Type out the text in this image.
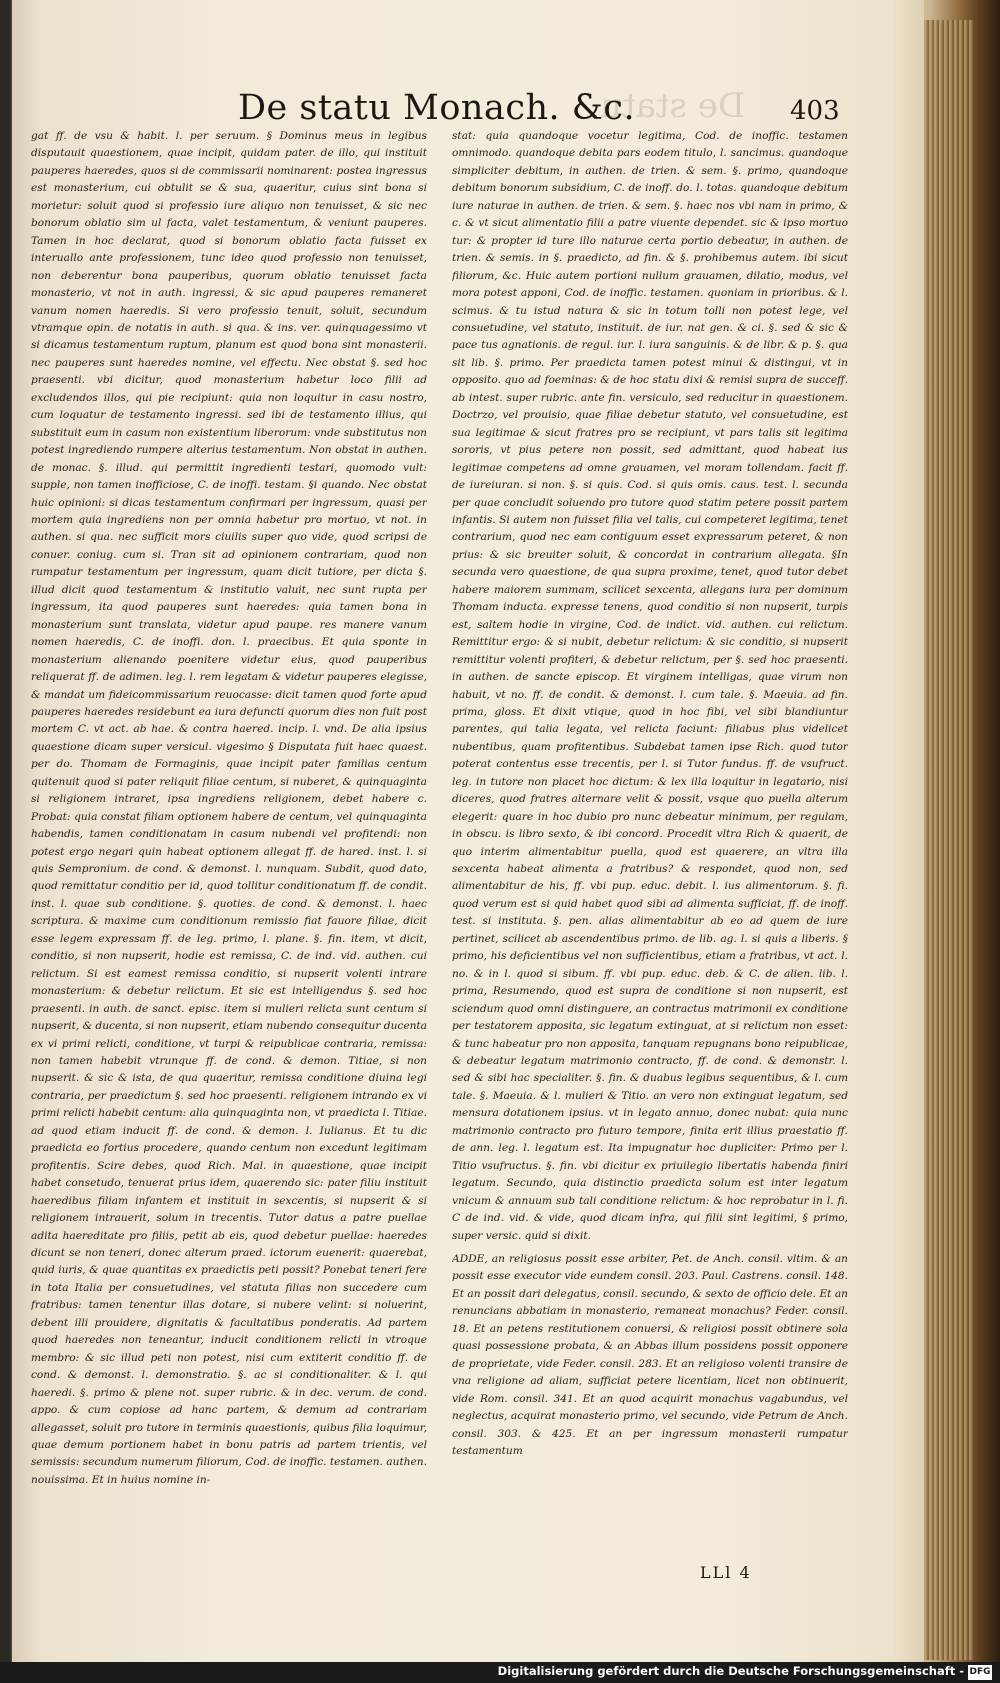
De statu
De statu Monach. &c.	403

gat ff. de vsu & habit. l. per seruum. § Dominus meus in legibus disputauit quaestionem, quae incipit, quidam pater. de illo, qui instituit pauperes haeredes, quos si de commissarii nominarent: postea ingressus est monasterium, cui obtulit se & sua, quaeritur, cuius sint bona si morietur: soluit quod si professio iure aliquo non tenuisset, & sic nec bonorum oblatio sim ul facta, valet testamentum, & veniunt pauperes. Tamen in hoc declarat, quod si bonorum oblatio facta fuisset ex interuallo ante professionem, tunc ideo quod professio non tenuisset, non deberentur bona pauperibus, quorum oblatio tenuisset facta monasterio, vt not in auth. ingressi, & sic apud pauperes remaneret vanum nomen haeredis. Si vero professio tenuit, soluit, secundum vtramque opin. de notatis in auth. si qua. & ins. ver. quinquagessimo vt si dicamus testamentum ruptum, planum est quod bona sint monasterii. nec pauperes sunt haeredes nomine, vel effectu. Nec obstat §. sed hoc praesenti. vbi dicitur, quod monasterium habetur loco filii ad excludendos illos, qui pie recipiunt: quia non loquitur in casu nostro, cum loquatur de testamento ingressi. sed ibi de testamento illius, qui substituit eum in casum non existentium liberorum: vnde substitutus non potest ingrediendo rumpere alterius testamentum. Non obstat in authen. de monac. §. illud. qui permittit ingredienti testari, quomodo vult: supple, non tamen inofficiose, C. de inoffi. testam. §i quando. Nec obstat huic opinioni: si dicas testamentum confirmari per ingressum, quasi per mortem quia ingrediens non per omnia habetur pro mortuo, vt not. in authen. si qua. nec sufficit mors ciuilis super quo vide, quod scripsi de conuer. coniug. cum si. Tran sit ad opinionem contrariam, quod non rumpatur testamentum per ingressum, quam dicit tutiore, per dicta §. illud dicit quod testamentum & institutio valuit, nec sunt rupta per ingressum, ita quod pauperes sunt haeredes: quia tamen bona in monasterium sunt translata, videtur apud paupe. res manere vanum nomen haeredis, C. de inoffi. don. l. praecibus. Et quia sponte in monasterium alienando poenitere videtur eius, quod pauperibus reliquerat ff. de adimen. leg. l. rem legatam & videtur pauperes elegisse, & mandat um fideicommissarium reuocasse: dicit tamen quod forte apud pauperes haeredes residebunt ea iura defuncti quorum dies non fuit post mortem C. vt act. ab hae. & contra haered. incip. l. vnd. De alia ipsius quaestione dicam super versicul. vigesimo § Disputata fuit haec quaest. per do. Thomam de Formaginis, quae incipit pater familias centum quitenuit quod si pater reliquit filiae centum, si nuberet, & quinquaginta si religionem intraret, ipsa ingrediens religionem, debet habere c. Probat: quia constat filiam optionem habere de centum, vel quinquaginta habendis, tamen conditionatam in casum nubendi vel profitendi: non potest ergo negari quin habeat optionem allegat ff. de hared. inst. l. si quis Sempronium. de cond. & demonst. l. nunquam. Subdit, quod dato, quod remittatur conditio per id, quod tollitur conditionatum ff. de condit. inst. l. quae sub conditione. §. quoties. de cond. & demonst. l. haec scriptura. & maxime cum conditionum remissio fiat fauore filiae, dicit esse legem expressam ff. de leg. primo, l. plane. §. fin. item, vt dicit, conditio, si non nupserit, hodie est remissa, C. de ind. vid. authen. cui relictum. Si est eamest remissa conditio, si nupserit volenti intrare monasterium: & debetur relictum. Et sic est intelligendus §. sed hoc praesenti. in auth. de sanct. episc. item si mulieri relicta sunt centum si nupserit, & ducenta, si non nupserit, etiam nubendo consequitur ducenta ex vi primi relicti, conditione, vt turpi & reipublicae contraria, remissa: non tamen habebit vtrunque ff. de cond. & demon. Titiae, si non nupserit. & sic & ista, de qua quaeritur, remissa conditione diuina legi contraria, per praedictum §. sed hoc praesenti. religionem intrando ex vi primi relicti habebit centum: alia quinquaginta non, vt praedicta l. Titiae. ad quod etiam inducit ff. de cond. & demon. l. Iulianus. Et tu dic praedicta eo fortius procedere, quando centum non excedunt legitimam profitentis. Scire debes, quod Rich. Mal. in quaestione, quae incipit habet consetudo, tenuerat prius idem, quaerendo sic: pater filiu instituit haeredibus filiam infantem et instituit in sexcentis, si nupserit & si religionem intrauerit, solum in trecentis. Tutor datus a patre puellae adita haereditate pro filiis, petit ab eis, quod debetur puellae: haeredes dicunt se non teneri, donec alterum praed. ictorum euenerit: quaerebat, quid iuris, & quae quantitas ex praedictis peti possit? Ponebat teneri fere in tota Italia per consuetudines, vel statuta filias non succedere cum fratribus: tamen tenentur illas dotare, si nubere velint: si noluerint, debent illi prouidere, dignitatis & facultatibus ponderatis. Ad partem quod haeredes non teneantur, inducit conditionem relicti in vtroque membro: & sic illud peti non potest, nisi cum extiterit conditio ff. de cond. & demonst. l. demonstratio. §. ac si conditionaliter. & l. qui haeredi. §. primo & plene not. super rubric. & in dec. verum. de cond. appo. & cum copiose ad hanc partem, & demum ad contrariam allegasset, soluit pro tutore in terminis quaestionis, quibus filia loquimur, quae demum portionem habet in bonu patris ad partem trientis, vel semissis: secundum numerum filiorum, Cod. de inoffic. testamen. authen. nouissima. Et in huius nomine in-

stat: quia quandoque vocetur legitima, Cod. de inoffic. testamen omnimodo. quandoque debita pars eodem titulo, l. sancimus. quandoque simpliciter debitum, in authen. de trien. & sem. §. primo, quandoque debitum bonorum subsidium, C. de inoff. do. l. totas. quandoque debitum iure naturae in authen. de trien. & sem. §. haec nos vbi nam in primo, & c. & vt sicut alimentatio filii a patre viuente dependet. sic & ipso mortuo tur: & propter id ture illo naturae certa portio debeatur, in authen. de trien. & semis. in §. praedicto, ad fin. & §. prohibemus autem. ibi sicut filiorum, &c. Huic autem portioni nullum grauamen, dilatio, modus, vel mora potest apponi, Cod. de inoffic. testamen. quoniam in prioribus. & l. scimus. & tu istud natura & sic in totum tolli non potest lege, vel consuetudine, vel statuto, instituit. de iur. nat gen. & ci. §. sed & sic & pace tus agnationis. de regul. iur. l. iura sanguinis. & de libr. & p. §. qua sit lib. §. primo. Per praedicta tamen potest minui & distingui, vt in opposito. quo ad foeminas: & de hoc statu dixi & remisi supra de succeff. ab intest. super rubric. ante fin. versiculo, sed reducitur in quaestionem. Doctrzo, vel prouisio, quae filiae debetur statuto, vel consuetudine, est sua legitimae & sicut fratres pro se recipiunt, vt pars talis sit legitima sororis, vt pius petere non possit, sed admittant, quod habeat ius legitimae competens ad omne grauamen, vel moram tollendam. facit ff. de iureiuran. si non. §. si quis. Cod. si quis omis. caus. test. l. secunda per quae concludit soluendo pro tutore quod statim petere possit partem infantis. Si autem non fuisset filia vel talis, cui competeret legitima, tenet contrarium, quod nec eam contiguum esset expressarum peteret, & non prius: & sic breuiter soluit, & concordat in contrarium allegata. §In secunda vero quaestione, de qua supra proxime, tenet, quod tutor debet habere maiorem summam, scilicet sexcenta, allegans iura per dominum Thomam inducta. expresse tenens, quod conditio si non nupserit, turpis est, saltem hodie in virgine, Cod. de indict. vid. authen. cui relictum. Remittitur ergo: & si nubit, debetur relictum: & sic conditio, si nupserit remittitur volenti profiteri, & debetur relictum, per §. sed hoc praesenti. in authen. de sancte episcop. Et virginem intelligas, quae virum non habuit, vt no. ff. de condit. & demonst. l. cum tale. §. Maeuia. ad fin. prima, gloss. Et dixit vtique, quod in hoc fibi, vel sibi blandiuntur parentes, qui talia legata, vel relicta faciunt: filiabus plus videlicet nubentibus, quam profitentibus. Subdebat tamen ipse Rich. quod tutor poterat contentus esse trecentis, per l. si Tutor fundus. ff. de vsufruct. leg. in tutore non placet hoc dictum: & lex illa loquitur in legatario, nisi diceres, quod fratres alternare velit & possit, vsque quo puella alterum elegerit: quare in hoc dubio pro nunc debeatur minimum, per regulam, in obscu. is libro sexto, & ibi concord. Procedit vltra Rich & quaerit, de quo interim alimentabitur puella, quod est quaerere, an vltra illa sexcenta habeat alimenta a fratribus? & respondet, quod non, sed alimentabitur de his, ff. vbi pup. educ. debit. l. ius alimentorum. §. fi. quod verum est si quid habet quod sibi ad alimenta sufficiat, ff. de inoff. test. si instituta. §. pen. alias alimentabitur ab eo ad quem de iure pertinet, scilicet ab ascendentibus primo. de lib. ag. l. si quis a liberis. § primo, his deficientibus vel non sufficientibus, etiam a fratribus, vt act. l. no. & in l. quod si sibum. ff. vbi pup. educ. deb. & C. de alien. lib. l. prima, Resumendo, quod est supra de conditione si non nupserit, est sciendum quod omni distinguere, an contractus matrimonii ex conditione per testatorem apposita, sic legatum extinguat, at si relictum non esset: & tunc habeatur pro non apposita, tanquam repugnans bono reipublicae, & debeatur legatum matrimonio contracto, ff. de cond. & demonstr. l. sed & sibi hac specialiter. §. fin. & duabus legibus sequentibus, & l. cum tale. §. Maeuia. & l. mulieri & Titio. an vero non extinguat legatum, sed mensura dotationem ipsius. vt in legato annuo, donec nubat: quia nunc matrimonio contracto pro futuro tempore, finita erit illius praestatio ff. de ann. leg. l. legatum est. Ita impugnatur hoc dupliciter: Primo per l. Titio vsufructus. §. fin. vbi dicitur ex priuilegio libertatis habenda finiri legatum. Secundo, quia distinctio praedicta solum est inter legatum vnicum & annuum sub tali conditione relictum: & hoc reprobatur in l. fi. C de ind. vid. & vide, quod dicam infra, qui filii sint legitimi, § primo, super versic. quid si dixit.

ADDE, an religiosus possit esse arbiter, Pet. de Anch. consil. vltim. & an possit esse executor vide eundem consil. 203. Paul. Castrens. consil. 148. Et an possit dari delegatus, consil. secundo, & sexto de officio dele. Et an renuncians abbatiam in monasterio, remaneat monachus? Feder. consil. 18. Et an petens restitutionem conuersi, & religiosi possit obtinere sola quasi possessione probata, & an Abbas illum possidens possit opponere de proprietate, vide Feder. consil. 283. Et an religioso volenti transire de vna religione ad aliam, sufficiat petere licentiam, licet non obtinuerit, vide Rom. consil. 341. Et an quod acquirit monachus vagabundus, vel neglectus, acquirat monasterio primo, vel secundo, vide Petrum de Anch. consil. 303. & 425. Et an per ingressum monasterii rumpatur testamentum

LLl 4
Digitalisierung gefördert durch die Deutsche Forschungsgemeinschaft - DFG
